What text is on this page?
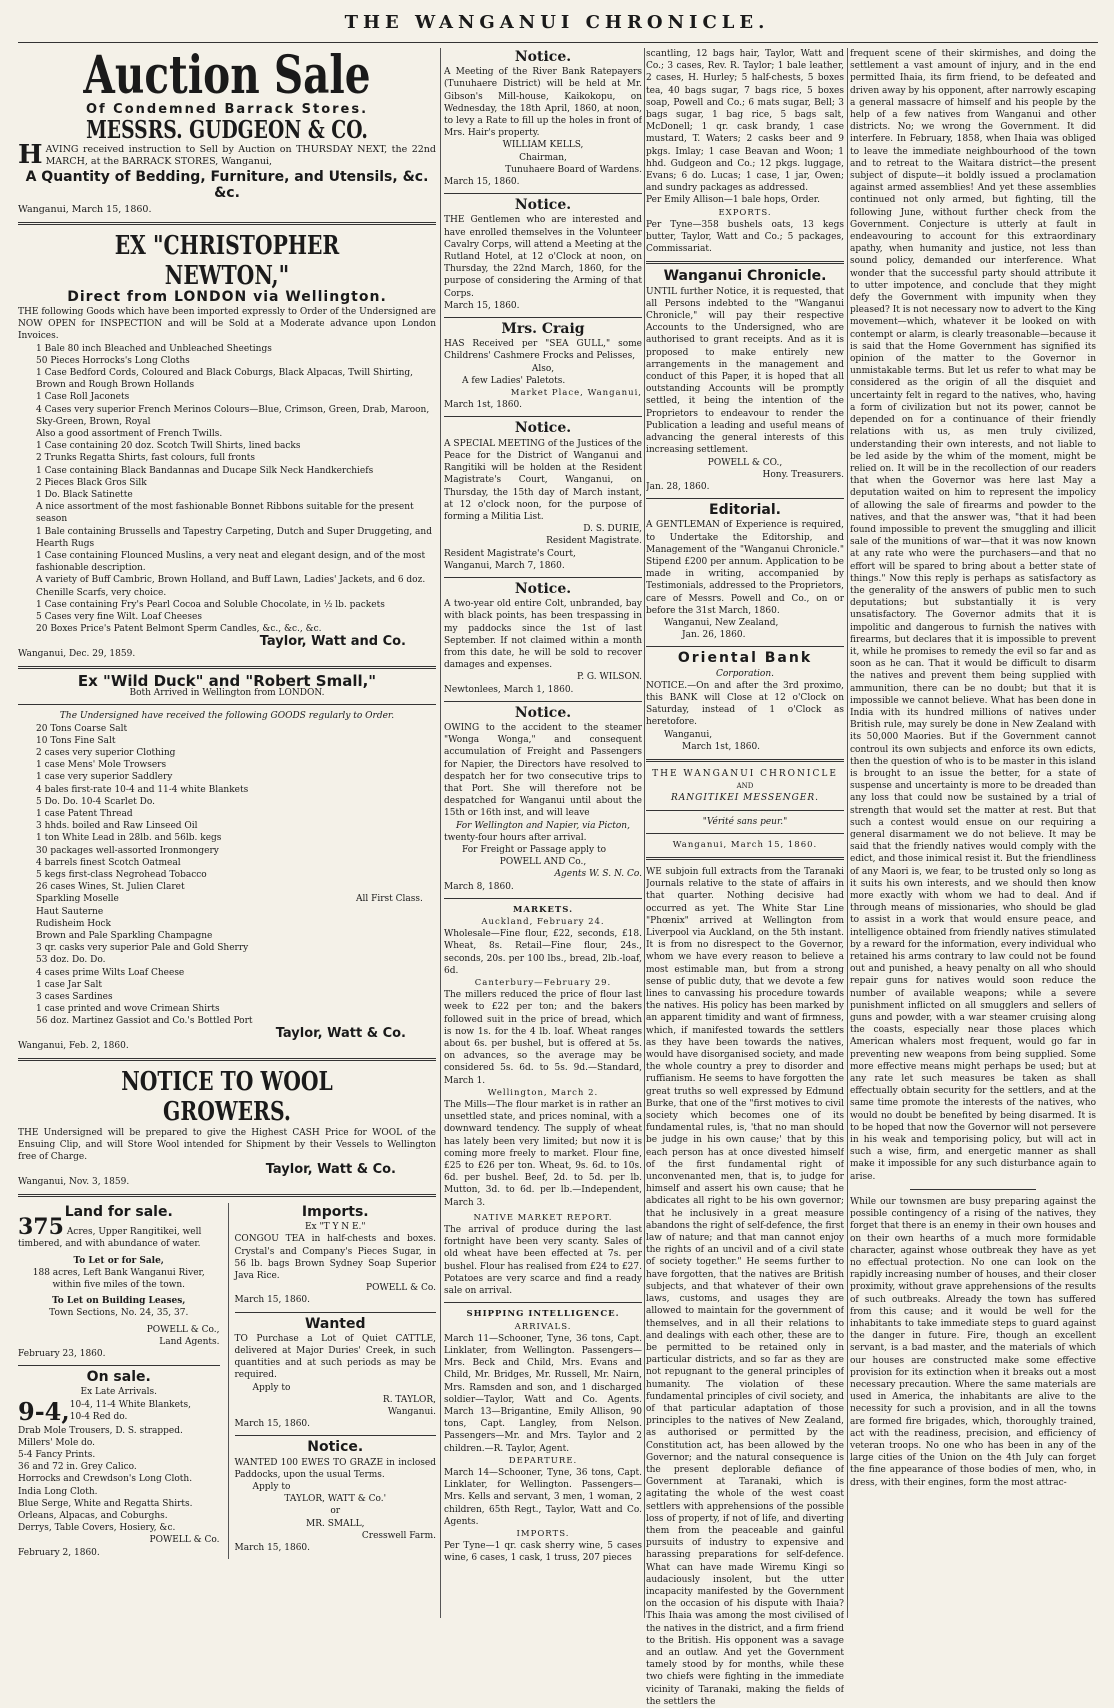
THE WANGANUI CHRONICLE.
Auction Sale
Of Condemned Barrack Stores.
MESSRS. GUDGEON & CO.

HAVING received instruction to Sell by Auction on THURSDAY NEXT, the 22nd MARCH, at the BARRACK STORES, Wanganui,

A Quantity of Bedding, Furniture, and Utensils, &c. &c.

Wanganui, March 15, 1860.

EX "CHRISTOPHER NEWTON,"
Direct from LONDON via Wellington.

THE following Goods which have been imported expressly to Order of the Undersigned are NOW OPEN for INSPECTION and will be Sold at a Moderate advance upon London Invoices.

1 Bale 80 inch Bleached and Unbleached Sheetings

50 Pieces Horrocks's Long Cloths

1 Case Bedford Cords, Coloured and Black Coburgs, Black Alpacas, Twill Shirting, Brown and Rough Brown Hollands

1 Case Roll Jaconets

4 Cases very superior French Merinos Colours—Blue, Crimson, Green, Drab, Maroon, Sky-Green, Brown, Royal

Also a good assortment of French Twills.

1 Case containing 20 doz. Scotch Twill Shirts, lined backs

2 Trunks Regatta Shirts, fast colours, full fronts

1 Case containing Black Bandannas and Ducape Silk Neck Handkerchiefs

2 Pieces Black Gros Silk

1 Do. Black Satinette

A nice assortment of the most fashionable Bonnet Ribbons suitable for the present season

1 Bale containing Brussells and Tapestry Carpeting, Dutch and Super Druggeting, and Hearth Rugs

1 Case containing Flounced Muslins, a very neat and elegant design, and of the most fashionable description.

A variety of Buff Cambric, Brown Holland, and Buff Lawn, Ladies' Jackets, and 6 doz. Chenille Scarfs, very choice.

1 Case containing Fry's Pearl Cocoa and Soluble Chocolate, in ½ lb. packets

5 Cases very fine Wilt. Loaf Cheeses

20 Boxes Price's Patent Belmont Sperm Candles, &c., &c., &c.

Taylor, Watt and Co.

Wanganui, Dec. 29, 1859.

Ex "Wild Duck" and "Robert Small,"
Both Arrived in Wellington from LONDON.
The Undersigned have received the following GOODS regularly to Order.

20 Tons Coarse Salt

10 Tons Fine Salt

2 cases very superior Clothing

1 case Mens' Mole Trowsers

1 case very superior Saddlery

4 bales first-rate 10-4 and 11-4 white Blankets

5 Do. Do. 10-4 Scarlet Do.

1 case Patent Thread

3 hhds. boiled and Raw Linseed Oil

1 ton White Lead in 28lb. and 56lb. kegs

30 packages well-assorted Ironmongery

4 barrels finest Scotch Oatmeal

5 kegs first-class Negrohead Tobacco

26 cases Wines, St. Julien Claret

Sparkling Moselle

Haut Sauterne

Rudisheim Hock

Brown and Pale Sparkling Champagne

3 qr. casks very superior Pale and Gold Sherry

53 doz. Do. Do.

4 cases prime Wilts Loaf Cheese

1 case Jar Salt

3 cases Sardines

1 case printed and wove Crimean Shirts

56 doz. Martinez Gassiot and Co.'s Bottled Port

All First Class.
Taylor, Watt & Co.

Wanganui, Feb. 2, 1860.

NOTICE TO WOOL GROWERS.

THE Undersigned will be prepared to give the Highest CASH Price for WOOL of the Ensuing Clip, and will Store Wool intended for Shipment by their Vessels to Wellington free of Charge.

Taylor, Watt & Co.

Wanganui, Nov. 3, 1859.

Land for sale.

375 Acres, Upper Rangitikei, well timbered, and with abundance of water.

To Let or for Sale,

188 acres, Left Bank Wanganui River, within five miles of the town.

To Let on Building Leases,

Town Sections, No. 24, 35, 37.

POWELL & Co.,

Land Agents.

February 23, 1860.

On sale.

Ex Late Arrivals.

9-4, 10-4, 11-4 White Blankets,

10-4 Red do.

Drab Mole Trousers, D. S. strapped.

Millers' Mole do.

5-4 Fancy Prints.

36 and 72 in. Grey Calico.

Horrocks and Crewdson's Long Cloth.

India Long Cloth.

Blue Serge, White and Regatta Shirts.

Orleans, Alpacas, and Coburghs.

Derrys, Table Covers, Hosiery, &c.

POWELL & Co.

February 2, 1860.

Imports.

Ex "T Y N E."

CONGOU TEA in half-chests and boxes. Crystal's and Company's Pieces Sugar, in 56 lb. bags Brown Sydney Soap Superior Java Rice.

POWELL & Co.

March 15, 1860.

Wanted

TO Purchase a Lot of Quiet CATTLE, delivered at Major Duries' Creek, in such quantities and at such periods as may be required.

Apply to

R. TAYLOR,

Wanganui.

March 15, 1860.

Notice.

WANTED 100 EWES TO GRAZE in inclosed Paddocks, upon the usual Terms.

Apply to

TAYLOR, WATT & Co.'

or

MR. SMALL,

Cresswell Farm.

March 15, 1860.

Notice.

A Meeting of the River Bank Ratepayers (Tunuhaere District) will be held at Mr. Gibson's Mill-house, Kaikokopu, on Wednesday, the 18th April, 1860, at noon, to levy a Rate to fill up the holes in front of Mrs. Hair's property.

WILLIAM KELLS,

Chairman,

Tunuhaere Board of Wardens.

March 15, 1860.

Notice.

THE Gentlemen who are interested and have enrolled themselves in the Volunteer Cavalry Corps, will attend a Meeting at the Rutland Hotel, at 12 o'Clock at noon, on Thursday, the 22nd March, 1860, for the purpose of considering the Arming of that Corps.

March 15, 1860.

Mrs. Craig

HAS Received per "SEA GULL," some Childrens' Cashmere Frocks and Pelisses,

Also,

A few Ladies' Paletots.

Market Place, Wanganui,

March 1st, 1860.

Notice.

A SPECIAL MEETING of the Justices of the Peace for the District of Wanganui and Rangitiki will be holden at the Resident Magistrate's Court, Wanganui, on Thursday, the 15th day of March instant, at 12 o'clock noon, for the purpose of forming a Militia List.

D. S. DURIE,

Resident Magistrate.

Resident Magistrate's Court,

Wanganui, March 7, 1860.

Notice.

A two-year old entire Colt, unbranded, bay with black points, has been trespassing in my paddocks since the 1st of last September. If not claimed within a month from this date, he will be sold to recover damages and expenses.

P. G. WILSON.

Newtonlees, March 1, 1860.

Notice.

OWING to the accident to the steamer "Wonga Wonga," and consequent accumulation of Freight and Passengers for Napier, the Directors have resolved to despatch her for two consecutive trips to that Port. She will therefore not be despatched for Wanganui until about the 15th or 16th inst, and will leave

For Wellington and Napier, via Picton,

twenty-four hours after arrival.

For Freight or Passage apply to

POWELL AND Co.,

Agents W. S. N. Co.

March 8, 1860.

MARKETS.

Auckland, February 24.

Wholesale—Fine flour, £22, seconds, £18. Wheat, 8s. Retail—Fine flour, 24s., seconds, 20s. per 100 lbs., bread, 2lb.-loaf, 6d.

Canterbury—February 29.

The millers reduced the price of flour last week to £22 per ton; and the bakers followed suit in the price of bread, which is now 1s. for the 4 lb. loaf. Wheat ranges about 6s. per bushel, but is offered at 5s. on advances, so the average may be considered 5s. 6d. to 5s. 9d.—Standard, March 1.

Wellington, March 2.

The Mills—The flour market is in rather an unsettled state, and prices nominal, with a downward tendency. The supply of wheat has lately been very limited; but now it is coming more freely to market. Flour fine, £25 to £26 per ton. Wheat, 9s. 6d. to 10s. 6d. per bushel. Beef, 2d. to 5d. per lb. Mutton, 3d. to 6d. per lb.—Independent, March 3.

NATIVE MARKET REPORT.

The arrival of produce during the last fortnight have been very scanty. Sales of old wheat have been effected at 7s. per bushel. Flour has realised from £24 to £27. Potatoes are very scarce and find a ready sale on arrival.

SHIPPING INTELLIGENCE.

ARRIVALS.

March 11—Schooner, Tyne, 36 tons, Capt. Linklater, from Wellington. Passengers—Mrs. Beck and Child, Mrs. Evans and Child, Mr. Bridges, Mr. Russell, Mr. Nairn, Mrs. Ramsden and son, and 1 discharged soldier—Taylor, Watt and Co. Agents. March 13—Brigantine, Emily Allison, 90 tons, Capt. Langley, from Nelson. Passengers—Mr. and Mrs. Taylor and 2 children.—R. Taylor, Agent.

DEPARTURE.

March 14—Schooner, Tyne, 36 tons, Capt. Linklater, for Wellington. Passengers—Mrs. Kells and servant, 3 men, 1 woman, 2 children, 65th Regt., Taylor, Watt and Co. Agents.

IMPORTS.

Per Tyne—1 qr. cask sherry wine, 5 cases wine, 6 cases, 1 cask, 1 truss, 207 pieces

scantling, 12 bags hair, Taylor, Watt and Co.; 3 cases, Rev. R. Taylor; 1 bale leather, 2 cases, H. Hurley; 5 half-chests, 5 boxes tea, 40 bags sugar, 7 bags rice, 5 boxes soap, Powell and Co.; 6 mats sugar, Bell; 3 bags sugar, 1 bag rice, 5 bags salt, McDonell; 1 qr. cask brandy, 1 case mustard, T. Waters; 2 casks beer and 9 pkgs. Imlay; 1 case Beavan and Woon; 1 hhd. Gudgeon and Co.; 12 pkgs. luggage, Evans; 6 do. Lucas; 1 case, 1 jar, Owen; and sundry packages as addressed.

Per Emily Allison—1 bale hops, Order.

EXPORTS.

Per Tyne—358 bushels oats, 13 kegs butter, Taylor, Watt and Co.; 5 packages, Commissariat.

Wanganui Chronicle.

UNTIL further Notice, it is requested, that all Persons indebted to the "Wanganui Chronicle," will pay their respective Accounts to the Undersigned, who are authorised to grant receipts. And as it is proposed to make entirely new arrangements in the management and conduct of this Paper, it is hoped that all outstanding Accounts will be promptly settled, it being the intention of the Proprietors to endeavour to render the Publication a leading and useful means of advancing the general interests of this increasing settlement.

POWELL & CO.,

Hony. Treasurers.

Jan. 28, 1860.

Editorial.

A GENTLEMAN of Experience is required, to Undertake the Editorship, and Management of the "Wanganui Chronicle." Stipend £200 per annum. Application to be made in writing, accompanied by Testimonials, addressed to the Proprietors, care of Messrs. Powell and Co., on or before the 31st March, 1860.

Wanganui, New Zealand,

Jan. 26, 1860.

Oriental Bank

Corporation.

NOTICE.—On and after the 3rd proximo, this BANK will Close at 12 o'Clock on Saturday, instead of 1 o'Clock as heretofore.

Wanganui,

March 1st, 1860.

THE WANGANUI CHRONICLE

AND

RANGITIKEI MESSENGER.

"Vérité sans peur."

Wanganui, March 15, 1860.

WE subjoin full extracts from the Taranaki Journals relative to the state of affairs in that quarter. Nothing decisive had occurred as yet. The White Star Line "Phœnix" arrived at Wellington from Liverpool via Auckland, on the 5th instant. It is from no disrespect to the Governor, whom we have every reason to believe a most estimable man, but from a strong sense of public duty, that we devote a few lines to canvassing his procedure towards the natives. His policy has been marked by an apparent timidity and want of firmness, which, if manifested towards the settlers as they have been towards the natives, would have disorganised society, and made the whole country a prey to disorder and ruffianism. He seems to have forgotten the great truths so well expressed by Edmund Burke, that one of the "first motives to civil society which becomes one of its fundamental rules, is, 'that no man should be judge in his own cause;' that by this each person has at once divested himself of the first fundamental right of unconvenanted men, that is, to judge for himself and assert his own cause; that he abdicates all right to be his own governor; that he inclusively in a great measure abandons the right of self-defence, the first law of nature; and that man cannot enjoy the rights of an uncivil and of a civil state of society together." He seems further to have forgotten, that the natives are British subjects, and that whatever of their own laws, customs, and usages they are allowed to maintain for the government of themselves, and in all their relations to and dealings with each other, these are to be permitted to be retained only in particular districts, and so far as they are not repugnant to the general principles of humanity. The violation of these fundamental principles of civil society, and of that particular adaptation of those principles to the natives of New Zealand, as authorised or permitted by the Constitution act, has been allowed by the Governor; and the natural consequence is the present deplorable defiance of Government at Taranaki, which is agitating the whole of the west coast settlers with apprehensions of the possible loss of property, if not of life, and diverting them from the peaceable and gainful pursuits of industry to expensive and harassing preparations for self-defence. What can have made Wiremu Kingi so audaciously insolent, but the utter incapacity manifested by the Government on the occasion of his dispute with Ihaia? This Ihaia was among the most civilised of the natives in the district, and a firm friend to the British. His opponent was a savage and an outlaw. And yet the Government tamely stood by for months, while these two chiefs were fighting in the immediate vicinity of Taranaki, making the fields of the settlers the

frequent scene of their skirmishes, and doing the settlement a vast amount of injury, and in the end permitted Ihaia, its firm friend, to be defeated and driven away by his opponent, after narrowly escaping a general massacre of himself and his people by the help of a few natives from Wanganui and other districts. No; we wrong the Government. It did interfere. In February, 1858, when Ihaia was obliged to leave the immediate neighbourhood of the town and to retreat to the Waitara district—the present subject of dispute—it boldly issued a proclamation against armed assemblies! And yet these assemblies continued not only armed, but fighting, till the following June, without further check from the Government. Conjecture is utterly at fault in endeavouring to account for this extraordinary apathy, when humanity and justice, not less than sound policy, demanded our interference. What wonder that the successful party should attribute it to utter impotence, and conclude that they might defy the Government with impunity when they pleased? It is not necessary now to advert to the King movement—which, whatever it be looked on with contempt or alarm, is clearly treasonable—because it is said that the Home Government has signified its opinion of the matter to the Governor in unmistakable terms. But let us refer to what may be considered as the origin of all the disquiet and uncertainty felt in regard to the natives, who, having a form of civilization but not its power, cannot be depended on for a continuance of their friendly relations with us, as men truly civilized, understanding their own interests, and not liable to be led aside by the whim of the moment, might be relied on. It will be in the recollection of our readers that when the Governor was here last May a deputation waited on him to represent the impolicy of allowing the sale of firearms and powder to the natives, and that the answer was, "that it had been found impossible to prevent the smuggling and illicit sale of the munitions of war—that it was now known at any rate who were the purchasers—and that no effort will be spared to bring about a better state of things." Now this reply is perhaps as satisfactory as the generality of the answers of public men to such deputations; but substantially it is very unsatisfactory. The Governor admits that it is impolitic and dangerous to furnish the natives with firearms, but declares that it is impossible to prevent it, while he promises to remedy the evil so far and as soon as he can. That it would be difficult to disarm the natives and prevent them being supplied with ammunition, there can be no doubt; but that it is impossible we cannot believe. What has been done in India with its hundred millions of natives under British rule, may surely be done in New Zealand with its 50,000 Maories. But if the Government cannot controul its own subjects and enforce its own edicts, then the question of who is to be master in this island is brought to an issue the better, for a state of suspense and uncertainty is more to be dreaded than any loss that could now be sustained by a trial of strength that would set the matter at rest. But that such a contest would ensue on our requiring a general disarmament we do not believe. It may be said that the friendly natives would comply with the edict, and those inimical resist it. But the friendliness of any Maori is, we fear, to be trusted only so long as it suits his own interests, and we should then know more exactly with whom we had to deal. And if through means of missionaries, who should be glad to assist in a work that would ensure peace, and intelligence obtained from friendly natives stimulated by a reward for the information, every individual who retained his arms contrary to law could not be found out and punished, a heavy penalty on all who should repair guns for natives would soon reduce the number of available weapons; while a severe punishment inflicted on all smugglers and sellers of guns and powder, with a war steamer cruising along the coasts, especially near those places which American whalers most frequent, would go far in preventing new weapons from being supplied. Some more effective means might perhaps be used; but at any rate let such measures be taken as shall effectually obtain security for the settlers, and at the same time promote the interests of the natives, who would no doubt be benefited by being disarmed. It is to be hoped that now the Governor will not persevere in his weak and temporising policy, but will act in such a wise, firm, and energetic manner as shall make it impossible for any such disturbance again to arise.

While our townsmen are busy preparing against the possible contingency of a rising of the natives, they forget that there is an enemy in their own houses and on their own hearths of a much more formidable character, against whose outbreak they have as yet no effectual protection. No one can look on the rapidly increasing number of houses, and their closer proximity, without grave apprehensions of the results of such outbreaks. Already the town has suffered from this cause; and it would be well for the inhabitants to take immediate steps to guard against the danger in future. Fire, though an excellent servant, is a bad master, and the materials of which our houses are constructed make some effective provision for its extinction when it breaks out a most necessary precaution. Where the same materials are used in America, the inhabitants are alive to the necessity for such a provision, and in all the towns are formed fire brigades, which, thoroughly trained, act with the readiness, precision, and efficiency of veteran troops. No one who has been in any of the large cities of the Union on the 4th July can forget the fine appearance of those bodies of men, who, in dress, with their engines, form the most attrac-
